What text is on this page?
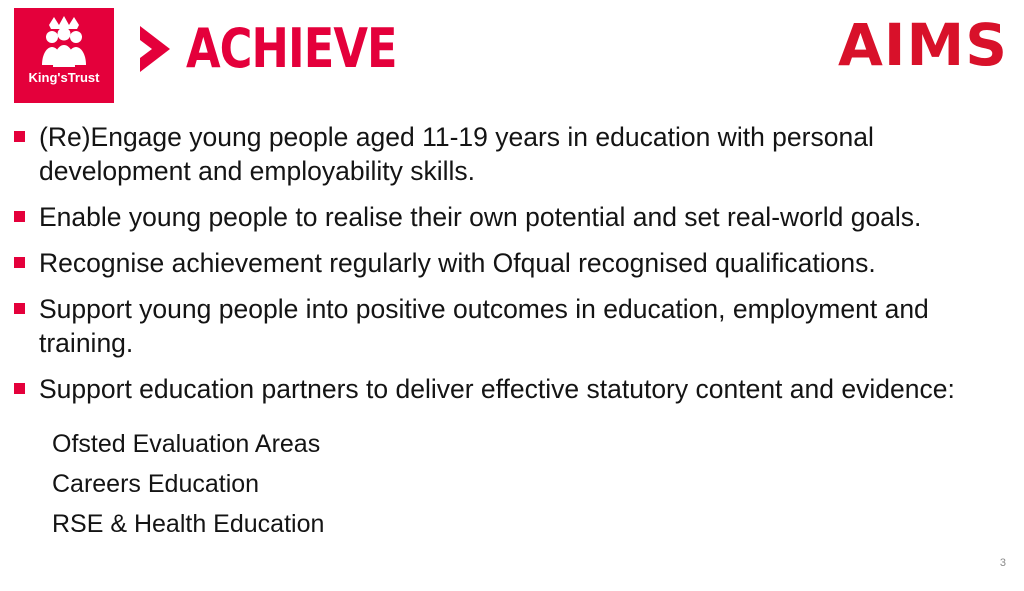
King'sTrust ACHIEVE	AIMS
(Re)Engage young people aged 11-19 years in education with personal development and employability skills.
Enable young people to realise their own potential and set real-world goals.
Recognise achievement regularly with Ofqual recognised qualifications.
Support young people into positive outcomes in education, employment and training.
Support education partners to deliver effective statutory content and evidence:
Ofsted Evaluation Areas
Careers Education
RSE & Health Education
3
